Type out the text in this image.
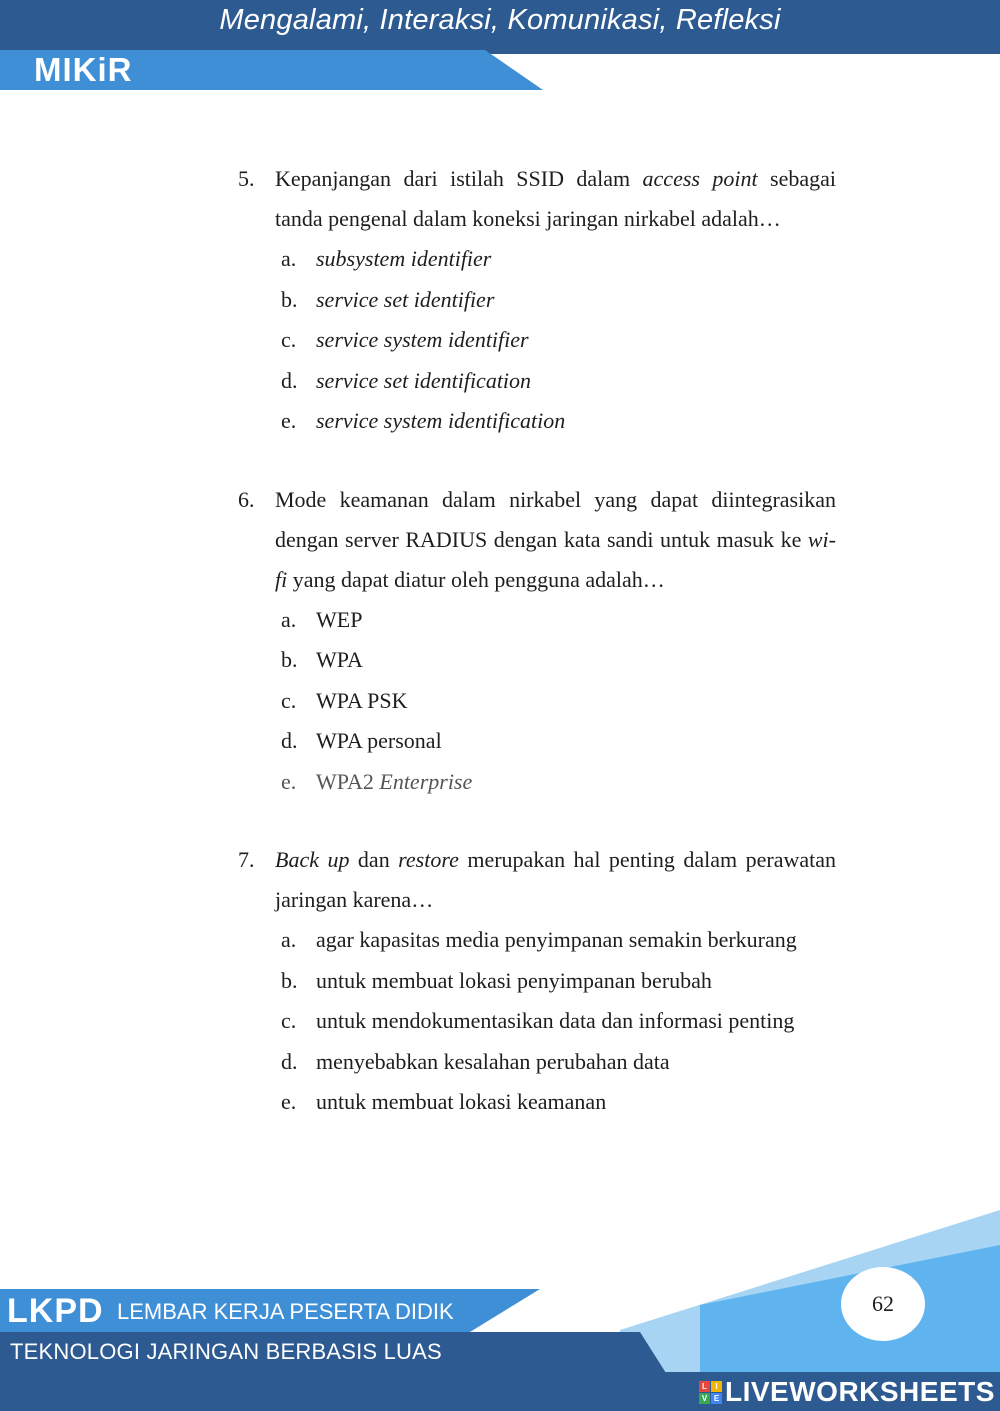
Mengalami, Interaksi, Komunikasi, Refleksi
MIKiR
5. Kepanjangan dari istilah SSID dalam access point sebagai tanda pengenal dalam koneksi jaringan nirkabel adalah…
a. subsystem identifier
b. service set identifier
c. service system identifier
d. service set identification
e. service system identification
6. Mode keamanan dalam nirkabel yang dapat diintegrasikan dengan server RADIUS dengan kata sandi untuk masuk ke wi-fi yang dapat diatur oleh pengguna adalah…
a. WEP
b. WPA
c. WPA PSK
d. WPA personal
e. WPA2 Enterprise
7. Back up dan restore merupakan hal penting dalam perawatan jaringan karena…
a. agar kapasitas media penyimpanan semakin berkurang
b. untuk membuat lokasi penyimpanan berubah
c. untuk mendokumentasikan data dan informasi penting
d. menyebabkan kesalahan perubahan data
e. untuk membuat lokasi keamanan
LKPD LEMBAR KERJA PESERTA DIDIK
TEKNOLOGI JARINGAN BERBASIS LUAS
62
L	I
V E LIVEWORKSHEETS
